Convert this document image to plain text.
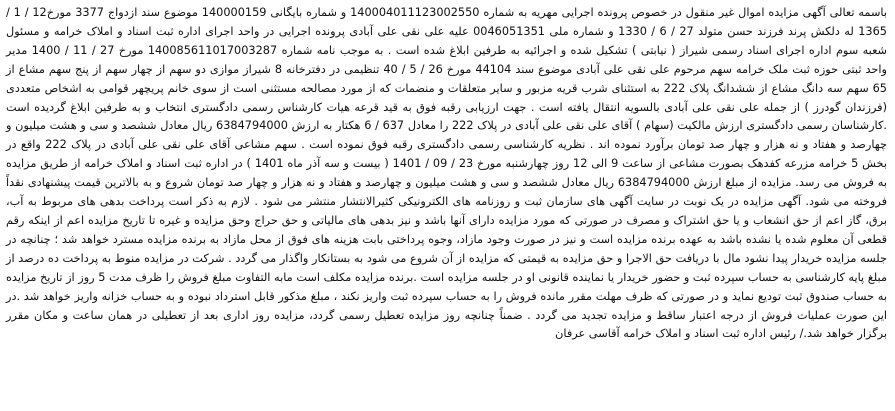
باسمه تعالی آگهی مزایده اموال غیر منقول در خصوص پرونده اجرایی مهریه به شماره 140004011123002550 و شماره بایگانی 140000159 موضوع سند ازدواج 3377 مورخ12 / 1 / 1365 له دلکش پرند فرزند حسن متولد 27 / 6 / 1330 و شماره ملی 0046051351 علیه علی نقی علی آبادی پرونده اجرایی در واحد اجرای اداره ثبت اسناد و املاک خرامه و مسئول شعبه سوم اداره اجرای اسناد رسمی شیراز ( نیابتی ) تشکیل شده و اجرائیه به طرفین ابلاغ شده است . به موجب نامه شماره 140085611017003287 مورخ 27 / 11 / 1400 مدیر واحد ثبتی حوزه ثبت ملک خرامه سهم مرحوم علی نقی علی آبادی موضوع سند 44104 مورخ 26 / 5 / 40 تنظیمی در دفترخانه 8 شیراز موازی دو سهم از چهار سهم از پنج سهم مشاع از 65 سهم سه دانگ مشاع از ششدانگ پلاک 222 به استثنای شرب قریه مزبور و سایر متعلقات و منضمات که از مورد مصالحه مستثنی است از سوی خانم پریچهر قوامی به اشخاص متعددی (فرزندان گودرز ) از جمله علی نقی علی آبادی بالسویه انتقال یافته است . جهت ارزیابی رقبه فوق به قید قرعه هیات کارشناس رسمی دادگستری انتخاب و به طرفین ابلاغ گردیده است .کارشناسان رسمی دادگستری ارزش مالکیت (سهام ) آقای علی نقی علی آبادی در پلاک 222 را معادل 637 / 6 هکتار به ارزش 6384794000 ریال معادل ششصد و سی و هشت میلیون و چهارصد و هفتاد و نه هزار و چهار صد تومان برآورد نموده اند . نظریه کارشناسی رسمی دادگستری رقبه فوق نموده است . سهم مشاعی آقای علی نقی علی آبادی در پلاک 222 واقع در بخش 5 خرامه مزرعه کفدهک بصورت مشاعی از ساعت 9 الی 12 روز چهارشنبه مورخ 23 / 09 / 1401 ( بیست و سه آذر ماه 1401 ) در اداره ثبت اسناد و املاک خرامه از طریق مزایده به فروش می رسد. مزایده از مبلغ ارزش 6384794000 ریال معادل ششصد و سی و هشت میلیون و چهارصد و هفتاد و نه هزار و چهار صد تومان شروع و به بالاترین قیمت پیشنهادی نقداً فروخته می شود. آگهی مزایده در یک نوبت در سایت آگهی های سازمان ثبت و روزنامه های الکترونیکی کثیرالانتشار منتشر می شود . لازم به ذکر است پرداخت بدهی های مربوط به آب، برق، گاز اعم از حق انشعاب و یا حق اشتراک و مصرف در صورتی که مورد مزایده دارای آنها باشد و نیز بدهی های مالیاتی و حق حراج وحق مزایده و غیره تا تاریخ مزایده اعم از اینکه رقم قطعی آن معلوم شده یا نشده باشد به عهده برنده مزایده است و نیز در صورت وجود مازاد، وجوه پرداختی بابت هزینه های فوق از محل مازاد به برنده مزایده مسترد خواهد شد ؛ چنانچه در جلسه مزایده خریدار پیدا نشود مال با دریافت حق الاجرا و حق مزایده به قیمتی که مزایده از آن شروع می شود به بستانکار واگذار می گردد . شرکت در مزایده منوط به پرداخت ده درصد از مبلغ پایه کارشناسی به حساب سپرده ثبت و حضور خریدار یا نماینده قانونی او در جلسه مزایده است .برنده مزایده مکلف است مابه التفاوت مبلغ فروش را ظرف مدت 5 روز از تاریخ مزایده به حساب صندوق ثبت تودیع نماید و در صورتی که ظرف مهلت مقرر مانده فروش را به حساب سپرده ثبت واریز نکند ، مبلغ مذکور قابل استرداد نبوده و به حساب خزانه واریز خواهد شد .در این صورت عملیات فروش از درجه اعتبار ساقط و مزایده تجدید می گردد . ضمناً چنانچه روز مزایده تعطیل رسمی گردد، مزایده روز اداری بعد از تعطیلی در همان ساعت و مکان مقرر برگزار خواهد شد./ رئیس اداره ثبت اسناد و املاک خرامه آقاسی عرفان
